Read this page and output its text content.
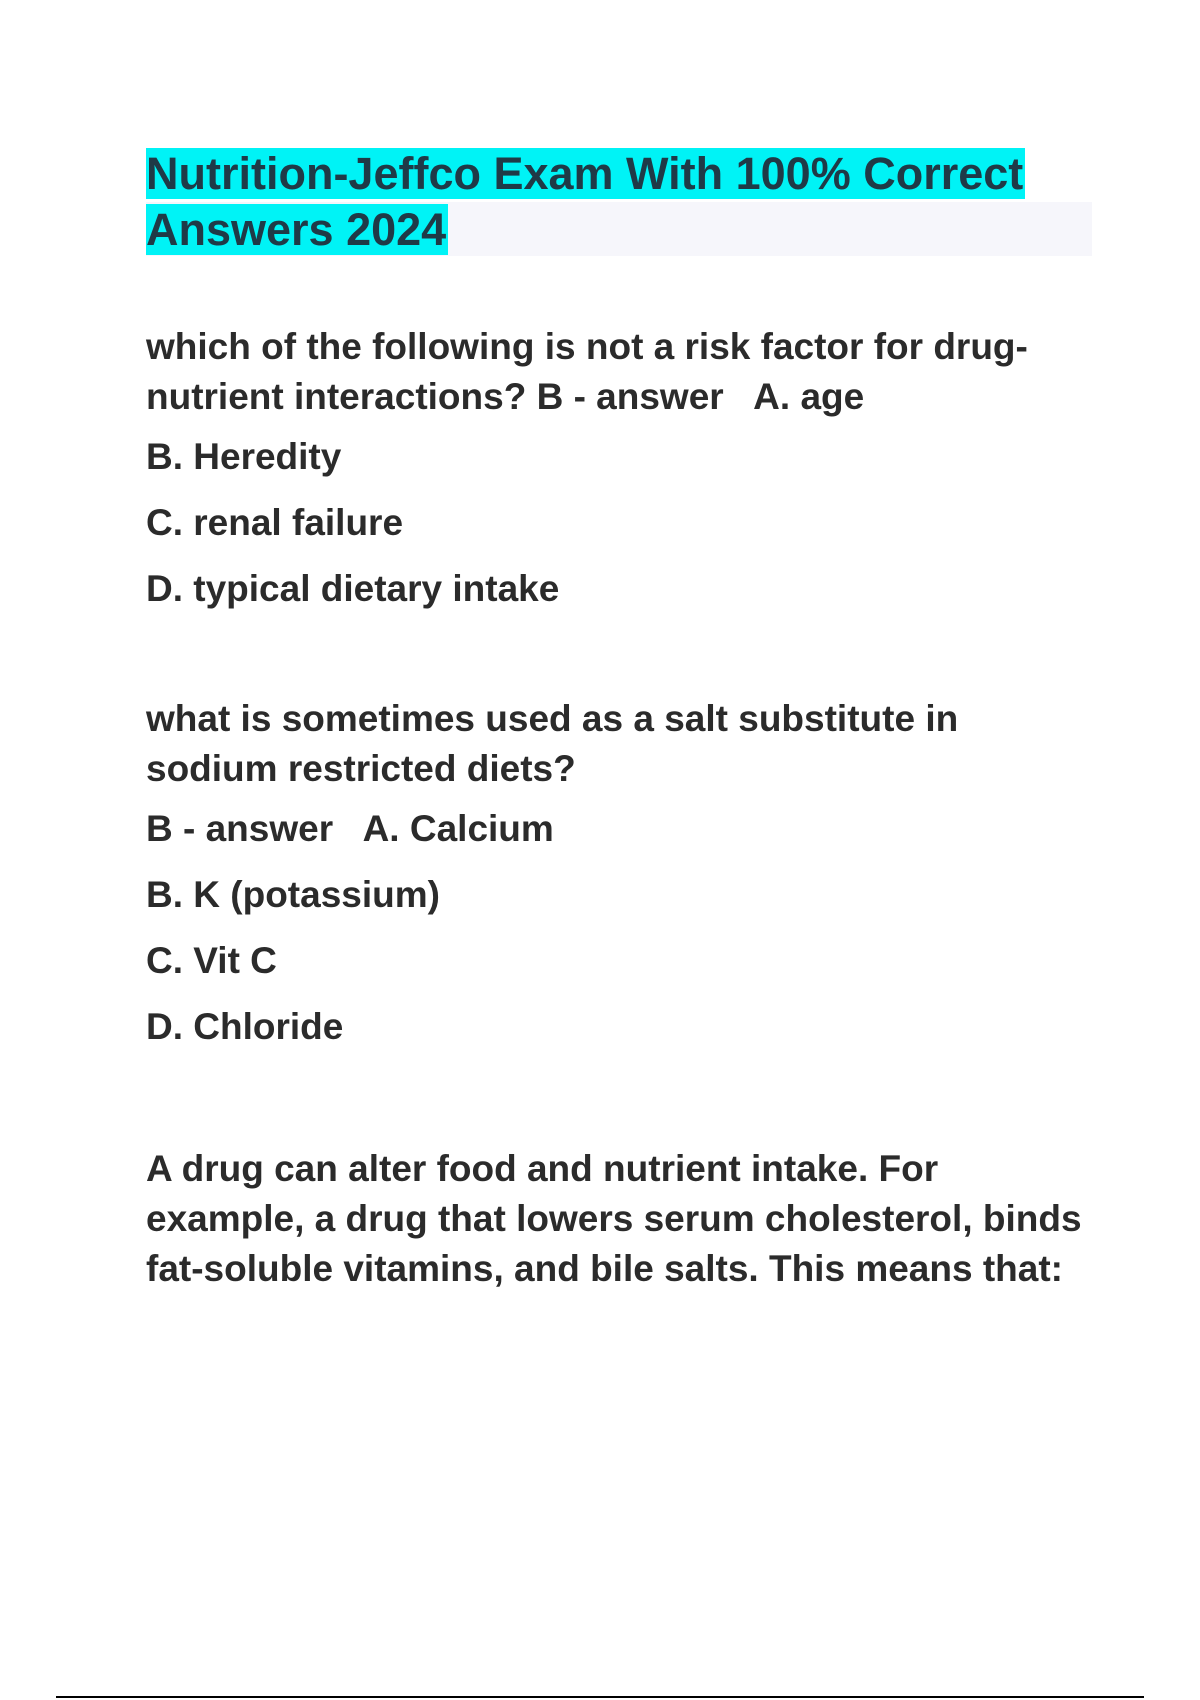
Nutrition-Jeffco Exam With 100% Correct Answers 2024

which of the following is not a risk factor for drug-nutrient interactions? B - answer   A. age

B. Heredity

C. renal failure

D. typical dietary intake

what is sometimes used as a salt substitute in sodium restricted diets?

B - answer   A. Calcium

B. K (potassium)

C. Vit C

D. Chloride

A drug can alter food and nutrient intake. For example, a drug that lowers serum cholesterol, binds fat-soluble vitamins, and bile salts. This means that:
